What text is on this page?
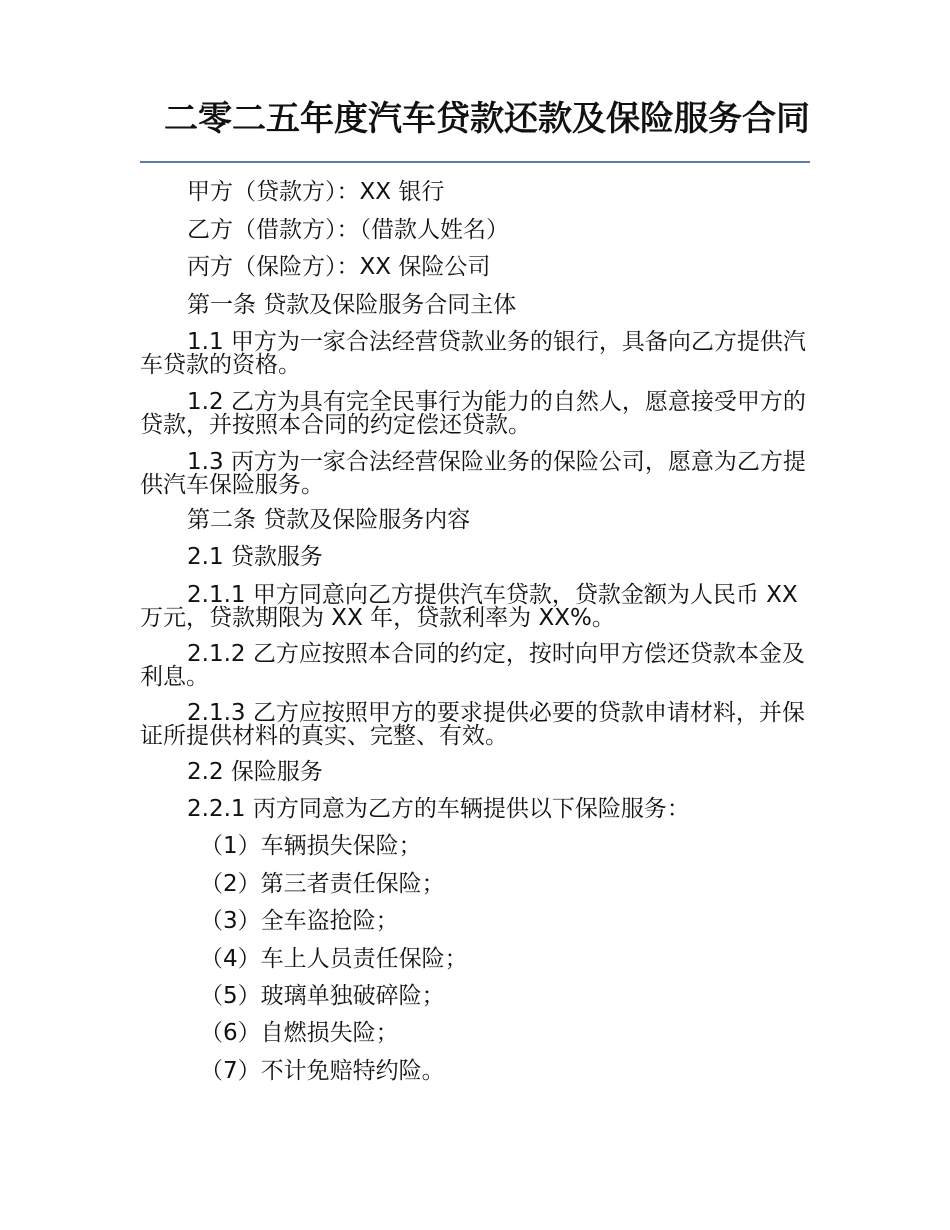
二零二五年度汽车贷款还款及保险服务合同
甲方（贷款方）：XX 银行
乙方（借款方）：（借款人姓名）
丙方（保险方）：XX 保险公司
第一条 贷款及保险服务合同主体
1.1 甲方为一家合法经营贷款业务的银行，具备向乙方提供汽车贷款的资格。
1.2 乙方为具有完全民事行为能力的自然人，愿意接受甲方的贷款，并按照本合同的约定偿还贷款。
1.3 丙方为一家合法经营保险业务的保险公司，愿意为乙方提供汽车保险服务。
第二条 贷款及保险服务内容
2.1 贷款服务
2.1.1 甲方同意向乙方提供汽车贷款，贷款金额为人民币 XX 万元，贷款期限为 XX 年，贷款利率为 XX%。
2.1.2 乙方应按照本合同的约定，按时向甲方偿还贷款本金及利息。
2.1.3 乙方应按照甲方的要求提供必要的贷款申请材料，并保证所提供材料的真实、完整、有效。
2.2 保险服务
2.2.1 丙方同意为乙方的车辆提供以下保险服务：
（1）车辆损失保险；
（2）第三者责任保险；
（3）全车盗抢险；
（4）车上人员责任保险；
（5）玻璃单独破碎险；
（6）自燃损失险；
（7）不计免赔特约险。
